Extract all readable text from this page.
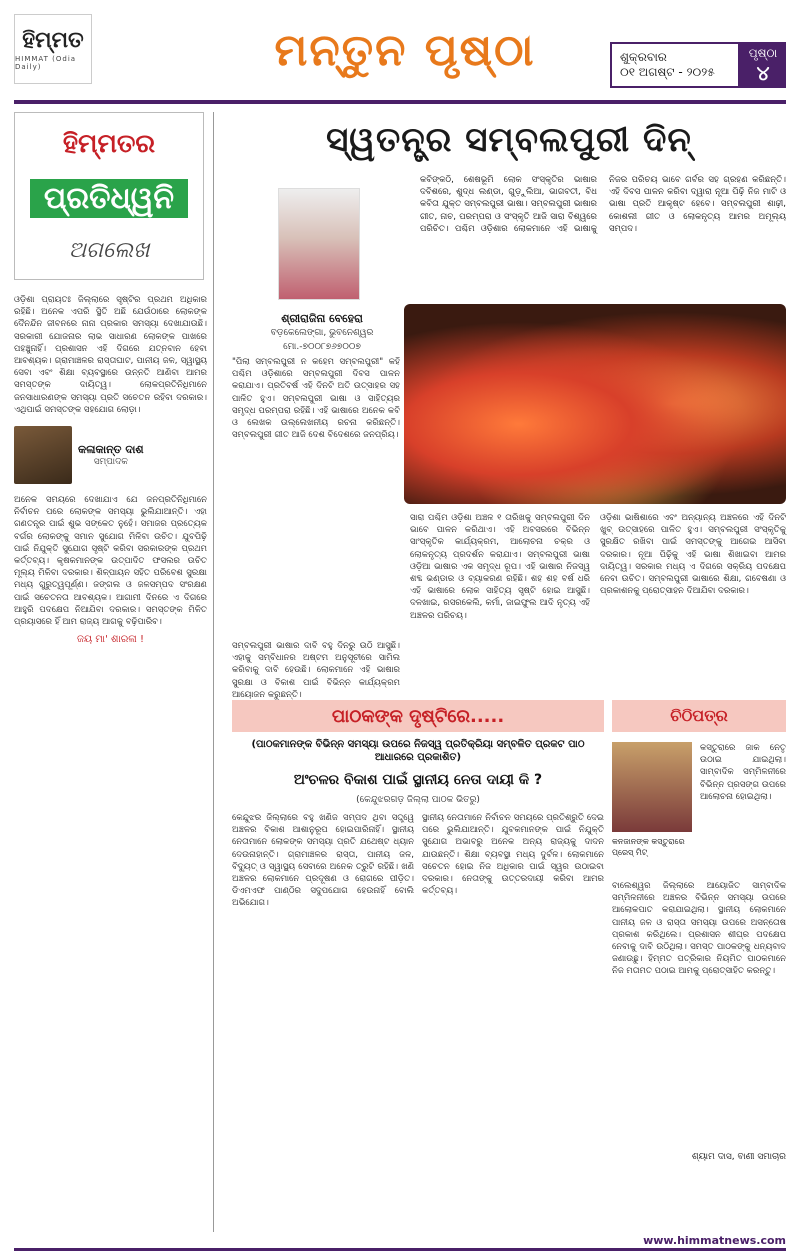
ହିମ୍ମତ
HIMMAT (Odia Daily)	ମନ୍ତୁନ ପୃଷ୍ଠା	ଶୁକ୍ରବାର
୦୧ ଅଗଷ୍ଟ - ୨୦୨୫
ପୃଷ୍ଠା
୪
ହିମ୍ମତର
ପ୍ରତିଧ୍ୱନି
ଅଗଲେଖ
ଓଡ଼ିଶା ପ୍ରାୟତଃ ଜିଲ୍ଲାରେ ସୃଷ୍ଟିର ପ୍ରଥମ ଅଧିକାର ରହିଛି। ଅନେକ ଏପରି ସ୍ଥିତି ଅଛି ଯେଉଁଠାରେ ଲୋକଙ୍କ ଦୈନନ୍ଦିନ ଜୀବନରେ ନାନା ପ୍ରକାର ସମସ୍ୟା ଦେଖାଯାଉଛି। ସରକାରୀ ଯୋଜନାର ଲାଭ ସାଧାରଣ ଲୋକଙ୍କ ପାଖରେ ପହଞ୍ଚୁନାହିଁ। ପ୍ରଶାସନ ଏହି ଦିଗରେ ଯତ୍ନବାନ ହେବା ଆବଶ୍ୟକ। ଗ୍ରାମାଞ୍ଚଳର ରାସ୍ତାଘାଟ, ପାନୀୟ ଜଳ, ସ୍ୱାସ୍ଥ୍ୟ ସେବା ଏବଂ ଶିକ୍ଷା ବ୍ୟବସ୍ଥାରେ ଉନ୍ନତି ଆଣିବା ଆମର ସମସ୍ତଙ୍କ ଦାୟିତ୍ୱ। ଲୋକପ୍ରତିନିଧିମାନେ ଜନସାଧାରଣଙ୍କ ସମସ୍ୟା ପ୍ରତି ସଚେତନ ରହିବା ଦରକାର। ଏଥିପାଇଁ ସମସ୍ତଙ୍କ ସହଯୋଗ ଲୋଡ଼ା।
କଳାକାନ୍ତ ଦାଶ
ସମ୍ପାଦକ
ଅନେକ ସମୟରେ ଦେଖାଯାଏ ଯେ ଜନପ୍ରତିନିଧିମାନେ ନିର୍ବାଚନ ପରେ ଲୋକଙ୍କ ସମସ୍ୟା ଭୁଲିଯାଆନ୍ତି। ଏହା ଗଣତନ୍ତ୍ର ପାଇଁ ଶୁଭ ସଙ୍କେତ ନୁହେଁ। ସମାଜର ପ୍ରତ୍ୟେକ ବର୍ଗର ଲୋକଙ୍କୁ ସମାନ ସୁଯୋଗ ମିଳିବା ଉଚିତ। ଯୁବପିଢ଼ି ପାଇଁ ନିଯୁକ୍ତି ସୁଯୋଗ ସୃଷ୍ଟି କରିବା ସରକାରଙ୍କ ପ୍ରଥମ କର୍ତ୍ତବ୍ୟ। କୃଷକମାନଙ୍କ ଉତ୍ପାଦିତ ଫସଲର ଉଚିତ ମୂଲ୍ୟ ମିଳିବା ଦରକାର। ଶିଳ୍ପାୟନ ସହିତ ପରିବେଶ ସୁରକ୍ଷା ମଧ୍ୟ ଗୁରୁତ୍ୱପୂର୍ଣ୍ଣ। ଜଙ୍ଗଲ ଓ ଜଳସମ୍ପଦ ସଂରକ୍ଷଣ ପାଇଁ ସଚେତନତା ଆବଶ୍ୟକ। ଆଗାମୀ ଦିନରେ ଏ ଦିଗରେ ଆହୁରି ପଦକ୍ଷେପ ନିଆଯିବା ଦରକାର। ସମସ୍ତଙ୍କ ମିଳିତ ପ୍ରୟାସରେ ହିଁ ଆମ ରାଜ୍ୟ ଆଗକୁ ବଢ଼ିପାରିବ।
ଜୟ ମା' ଶାରଳା !
ସ୍ୱତନ୍ତ୍ର ସମ୍ବଲପୁରୀ ଦିନ୍
ଶ୍ରୀରାଜିନା ବେହେରା
ବଡ଼କେଲେଙ୍ଗା, ଭୁବନେଶ୍ୱର
ମୋ.-୭୦୦୮୭୬୭୦୦୭
କବିଙ୍କଠି, ଶେଷଭୂମି ଲୋକ ସଂସ୍କୃତିର ଭାଷାର ଦବିଶରେ, ଶୁଦ୍ଧ ଲଣ୍ଡା, ଗୁଡ଼ୁଲିଆ, ଭାଗବତୀ, ବିଧ କବିତା ଯୁକ୍ତ ସମ୍ବଲପୁରୀ ଭାଷା। ସମ୍ବଲପୁରୀ ଭାଷାର ଗୀତ, ନାଚ, ପରମ୍ପରା ଓ ସଂସ୍କୃତି ଆଜି ସାରା ବିଶ୍ୱରେ ପରିଚିତ। ପଶ୍ଚିମ ଓଡ଼ିଶାର ଲୋକମାନେ ଏହି ଭାଷାକୁ ନିଜର ପରିଚୟ ଭାବେ ଗର୍ବର ସହ ଗ୍ରହଣ କରିଛନ୍ତି। ଏହି ଦିବସ ପାଳନ କରିବା ଦ୍ୱାରା ନୂଆ ପିଢ଼ି ନିଜ ମାଟି ଓ ଭାଷା ପ୍ରତି ଆକୃଷ୍ଟ ହେବେ। ସମ୍ବଲପୁରୀ ଶାଢ଼ୀ, କୋଶଲୀ ଗୀତ ଓ ଲୋକନୃତ୍ୟ ଆମର ଅମୂଲ୍ୟ ସମ୍ପଦ।
"ପିଲା ସମ୍ବଲପୁରୀ ନ କହେମ ସମ୍ବଲପୁରୀ" କହି ପଶ୍ଚିମ ଓଡ଼ିଶାରେ ସମ୍ବଲପୁରୀ ଦିବସ ପାଳନ କରାଯାଏ। ପ୍ରତିବର୍ଷ ଏହି ଦିନଟି ଅତି ଉତ୍ସାହର ସହ ପାଳିତ ହୁଏ। ସମ୍ବଲପୁରୀ ଭାଷା ଓ ସାହିତ୍ୟର ସମୃଦ୍ଧ ପରମ୍ପରା ରହିଛି। ଏହି ଭାଷାରେ ଅନେକ କବି ଓ ଲେଖକ ଉଲ୍ଲେଖନୀୟ ରଚନା କରିଛନ୍ତି। ସମ୍ବଲପୁରୀ ଗୀତ ଆଜି ଦେଶ ବିଦେଶରେ ଜନପ୍ରିୟ।
ସମ୍ବଲପୁରୀ ଭାଷାର ଦାବି ବହୁ ଦିନରୁ ଉଠି ଆସୁଛି। ଏହାକୁ ସମ୍ବିଧାନର ଅଷ୍ଟମ ଅନୁସୂଚୀରେ ସାମିଲ କରିବାକୁ ଦାବି ହେଉଛି। ଲୋକମାନେ ଏହି ଭାଷାର ସୁରକ୍ଷା ଓ ବିକାଶ ପାଇଁ ବିଭିନ୍ନ କାର୍ଯ୍ୟକ୍ରମ ଆୟୋଜନ କରୁଛନ୍ତି।
ସାରା ପଶ୍ଚିମ ଓଡ଼ିଶା ଅଞ୍ଚଳ ୧ ତାରିଖକୁ ସମ୍ବଲପୁରୀ ଦିନ ଭାବେ ପାଳନ କରିଥାଏ। ଏହି ଅବସରରେ ବିଭିନ୍ନ ସାଂସ୍କୃତିକ କାର୍ଯ୍ୟକ୍ରମ, ଆଲୋଚନା ଚକ୍ର ଓ ଲୋକନୃତ୍ୟ ପ୍ରଦର୍ଶନ କରାଯାଏ। ସମ୍ବଲପୁରୀ ଭାଷା ଓଡ଼ିଆ ଭାଷାର ଏକ ସମୃଦ୍ଧ ରୂପ। ଏହି ଭାଷାର ନିଜସ୍ୱ ଶବ୍ଦ ଭଣ୍ଡାର ଓ ବ୍ୟାକରଣ ରହିଛି। ଶହ ଶହ ବର୍ଷ ଧରି ଏହି ଭାଷାରେ ଲୋକ ସାହିତ୍ୟ ସୃଷ୍ଟି ହୋଇ ଆସୁଛି। ଦଳଖାଇ, ରସରକେଲି, କର୍ମା, ଜାଇଫୁଲ ଆଦି ନୃତ୍ୟ ଏହି ଅଞ୍ଚଳର ପରିଚୟ।
ଓଡ଼ିଶା ଭାଷିଶାରେ ଏବଂ ଅନ୍ୟାନ୍ୟ ଅଞ୍ଚଳରେ ଏହି ଦିନଟି ଖୁବ୍ ଉତ୍ସାହରେ ପାଳିତ ହୁଏ। ସମ୍ବଲପୁରୀ ସଂସ୍କୃତିକୁ ସୁରକ୍ଷିତ ରଖିବା ପାଇଁ ସମସ୍ତଙ୍କୁ ଆଗେଇ ଆସିବା ଦରକାର। ନୂଆ ପିଢ଼ିକୁ ଏହି ଭାଷା ଶିଖାଇବା ଆମର ଦାୟିତ୍ୱ। ସରକାର ମଧ୍ୟ ଏ ଦିଗରେ ସକ୍ରିୟ ପଦକ୍ଷେପ ନେବା ଉଚିତ। ସମ୍ବଲପୁରୀ ଭାଷାରେ ଶିକ୍ଷା, ଗବେଷଣା ଓ ପ୍ରକାଶନକୁ ପ୍ରୋତ୍ସାହନ ଦିଆଯିବା ଦରକାର।
ପାଠକଙ୍କ ଦୃଷ୍ଟିରେ.....
(ପାଠକମାନଙ୍କ ବିଭିନ୍ନ ସମସ୍ୟା ଉପରେ ନିଜସ୍ୱ ପ୍ରତିକ୍ରିୟା ସମ୍ବଳିତ ପ୍ରକଟ ପାଠ ଆଧାରରେ ପ୍ରକାଶିତ)
ଅଂଚଳର ବିକାଶ ପାଇଁ ସ୍ଥାନୀୟ ନେତା ଦାୟୀ କି ?
(କେନ୍ଦୁଝରଗଡ଼ ଜିଲ୍ଲା ପାଠକ ଭିତରୁ)
କେନ୍ଦୁଝର ଜିଲ୍ଲାରେ ବହୁ ଖଣିଜ ସମ୍ପଦ ଥିବା ସତ୍ତ୍ୱେ ଅଞ୍ଚଳର ବିକାଶ ଆଶାନୁରୂପ ହୋଇପାରିନାହିଁ। ସ୍ଥାନୀୟ ନେତାମାନେ ଲୋକଙ୍କ ସମସ୍ୟା ପ୍ରତି ଯଥେଷ୍ଟ ଧ୍ୟାନ ଦେଉନାହାନ୍ତି। ଗ୍ରାମାଞ୍ଚଳର ରାସ୍ତା, ପାନୀୟ ଜଳ, ବିଦ୍ୟୁତ୍ ଓ ସ୍ୱାସ୍ଥ୍ୟ ସେବାରେ ଅନେକ ତ୍ରୁଟି ରହିଛି। ଖଣି ଅଞ୍ଚଳର ଲୋକମାନେ ପ୍ରଦୂଷଣ ଓ ରୋଗରେ ପୀଡ଼ିତ। ଡିଏମଏଫ ପାଣ୍ଠିର ସଦୁପଯୋଗ ହେଉନାହିଁ ବୋଲି ଅଭିଯୋଗ।
ସ୍ଥାନୀୟ ନେତାମାନେ ନିର୍ବାଚନ ସମୟରେ ପ୍ରତିଶ୍ରୁତି ଦେଇ ପରେ ଭୁଲିଯାଆନ୍ତି। ଯୁବକମାନଙ୍କ ପାଇଁ ନିଯୁକ୍ତି ସୁଯୋଗ ଅଭାବରୁ ଅନେକ ଅନ୍ୟ ରାଜ୍ୟକୁ ଦାଦନ ଯାଉଛନ୍ତି। ଶିକ୍ଷା ବ୍ୟବସ୍ଥା ମଧ୍ୟ ଦୁର୍ବଳ। ଲୋକମାନେ ସଚେତନ ହୋଇ ନିଜ ଅଧିକାର ପାଇଁ ସ୍ୱର ଉଠାଇବା ଦରକାର। ନେତାଙ୍କୁ ଉତ୍ତରଦାୟୀ କରିବା ଆମର କର୍ତ୍ତବ୍ୟ।
ଚିଠିପତ୍ର
କନଜାନଙ୍କ କସ୍ତୁରାରେ ପ୍ରେସ୍ ମିଟ୍
କସ୍ତୁରାରେ ଜାକ ନେତୃ ଉଠାଇ ଯାଇଥିଲା। ସାମ୍ବାଦିକ ସମ୍ମିଳନୀରେ ବିଭିନ୍ନ ପ୍ରସଙ୍ଗ ଉପରେ ଆଲୋଚନା ହୋଇଥିଲା।
ବାଲେଶ୍ୱର ଜିଲ୍ଲାରେ ଆୟୋଜିତ ସାମ୍ବାଦିକ ସମ୍ମିଳନୀରେ ଅଞ୍ଚଳର ବିଭିନ୍ନ ସମସ୍ୟା ଉପରେ ଆଲୋକପାତ କରାଯାଇଥିଲା। ସ୍ଥାନୀୟ ଲୋକମାନେ ପାନୀୟ ଜଳ ଓ ରାସ୍ତା ସମସ୍ୟା ଉପରେ ଅସନ୍ତୋଷ ପ୍ରକାଶ କରିଥିଲେ। ପ୍ରଶାସନ ଶୀଘ୍ର ପଦକ୍ଷେପ ନେବାକୁ ଦାବି ଉଠିଥିଲା। ସମସ୍ତ ପାଠକଙ୍କୁ ଧନ୍ୟବାଦ ଜଣାଉଛୁ। ହିମ୍ମତ ପତ୍ରିକାର ନିୟମିତ ପାଠକମାନେ ନିଜ ମତାମତ ପଠାଇ ଆମକୁ ପ୍ରୋତ୍ସାହିତ କରନ୍ତୁ।
ଶ୍ୟାମ ଦାସ, ବାଣୀ ସମାଚାର
www.himmatnews.com
